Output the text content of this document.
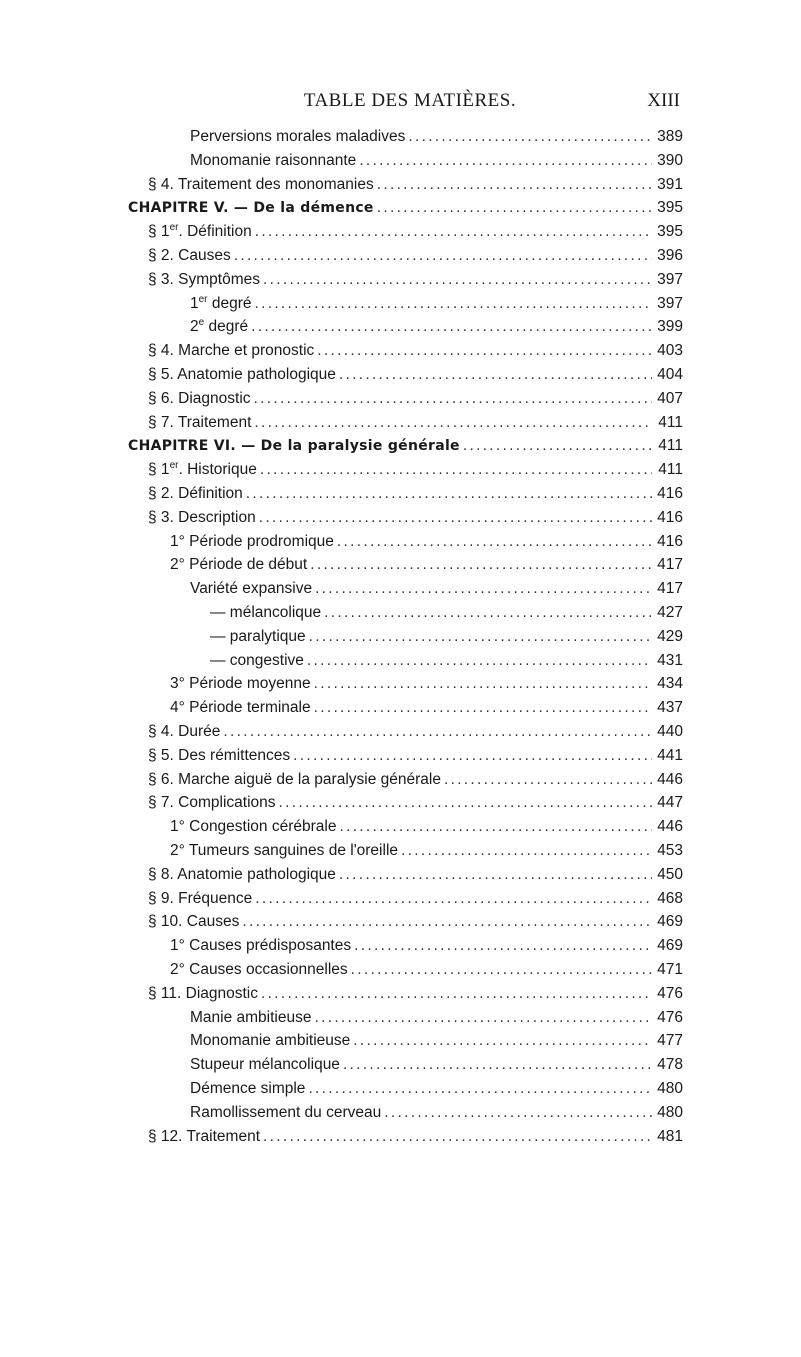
TABLE DES MATIÈRES.	XIII
Perversions morales maladives . . .	389
Monomanie raisonnante . . .	390
§ 4. Traitement des monomanies . . .	391
CHAPITRE V. — De la démence . . .	395
§ 1er. Définition . . .	395
§ 2. Causes . . .	396
§ 3. Symptômes . . .	397
1er degré . . .	397
2e degré . . .	399
§ 4. Marche et pronostic . . .	403
§ 5. Anatomie pathologique . . .	404
§ 6. Diagnostic . . .	407
§ 7. Traitement . . .	411
CHAPITRE VI. — De la paralysie générale . . .	411
§ 1er. Historique . . .	411
§ 2. Définition . . .	416
§ 3. Description . . .	416
1° Période prodromique . . .	416
2° Période de début . . .	417
Variété expansive . . .	417
— mélancolique . . .	427
— paralytique . . .	429
— congestive . . .	431
3° Période moyenne . . .	434
4° Période terminale . . .	437
§ 4. Durée . . .	440
§ 5. Des rémittences . . .	441
§ 6. Marche aiguë de la paralysie générale . . .	446
§ 7. Complications . . .	447
1° Congestion cérébrale . . .	446
2° Tumeurs sanguines de l'oreille . . .	453
§ 8. Anatomie pathologique . . .	450
§ 9. Fréquence . . .	468
§ 10. Causes . . .	469
1° Causes prédisposantes . . .	469
2° Causes occasionnelles . . .	471
§ 11. Diagnostic . . .	476
Manie ambitieuse . . .	476
Monomanie ambitieuse . . .	477
Stupeur mélancolique . . .	478
Démence simple . . .	480
Ramollissement du cerveau . . .	480
§ 12. Traitement . . .	481
